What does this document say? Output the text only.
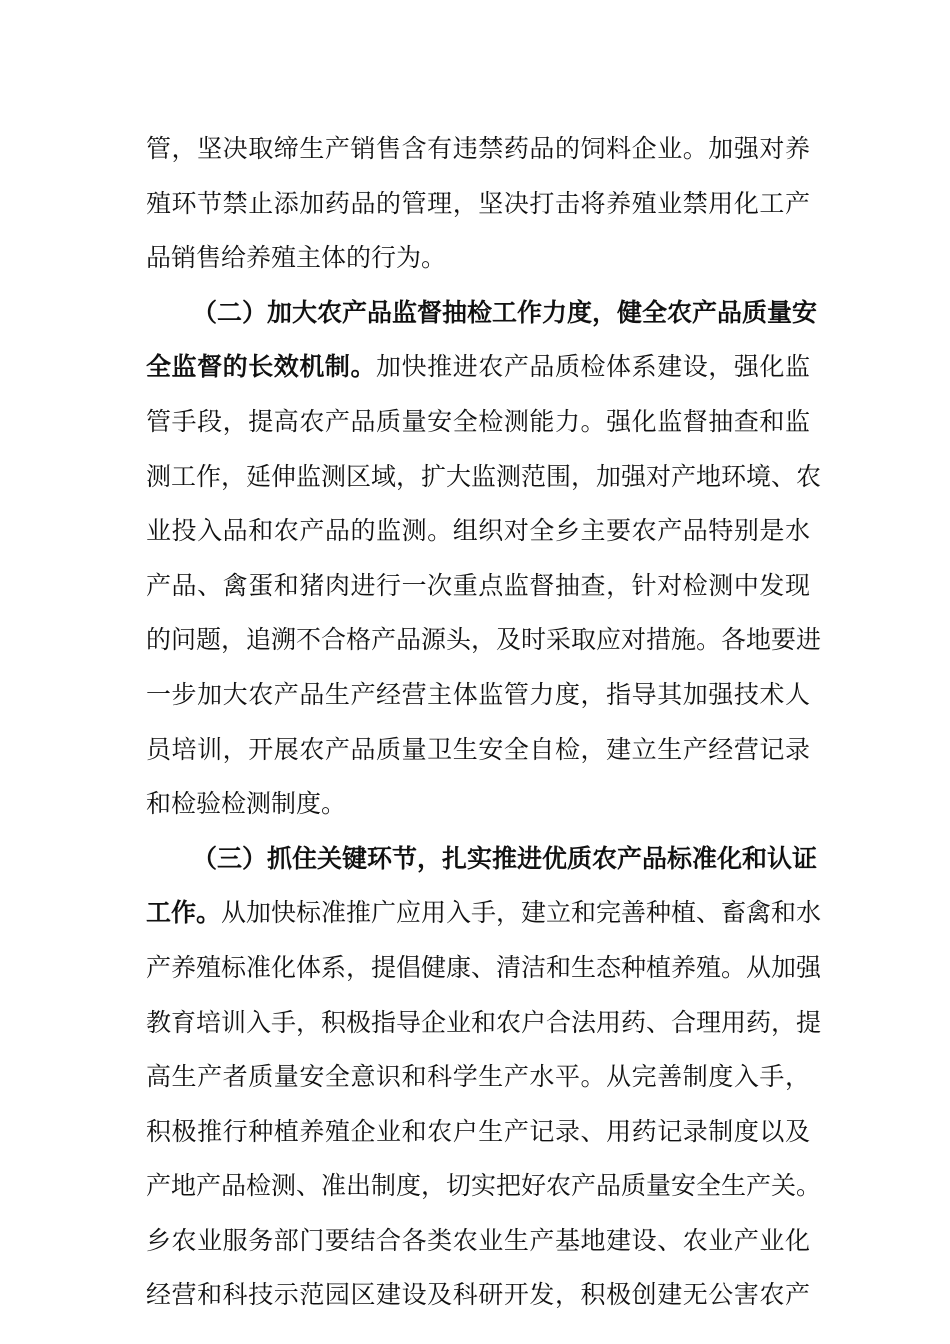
管，坚决取缔生产销售含有违禁药品的饲料企业。加强对养
殖环节禁止添加药品的管理，坚决打击将养殖业禁用化工产
品销售给养殖主体的行为。
（二）加大农产品监督抽检工作力度，健全农产品质量安
全监督的长效机制。加快推进农产品质检体系建设，强化监
管手段，提高农产品质量安全检测能力。强化监督抽查和监
测工作，延伸监测区域，扩大监测范围，加强对产地环境、农
业投入品和农产品的监测。组织对全乡主要农产品特别是水
产品、禽蛋和猪肉进行一次重点监督抽查，针对检测中发现
的问题，追溯不合格产品源头，及时采取应对措施。各地要进
一步加大农产品生产经营主体监管力度，指导其加强技术人
员培训，开展农产品质量卫生安全自检，建立生产经营记录
和检验检测制度。
（三）抓住关键环节，扎实推进优质农产品标准化和认证
工作。从加快标准推广应用入手，建立和完善种植、畜禽和水
产养殖标准化体系，提倡健康、清洁和生态种植养殖。从加强
教育培训入手，积极指导企业和农户合法用药、合理用药，提
高生产者质量安全意识和科学生产水平。从完善制度入手，
积极推行种植养殖企业和农户生产记录、用药记录制度以及
产地产品检测、准出制度，切实把好农产品质量安全生产关。
乡农业服务部门要结合各类农业生产基地建设、农业产业化
经营和科技示范园区建设及科研开发，积极创建无公害农产
